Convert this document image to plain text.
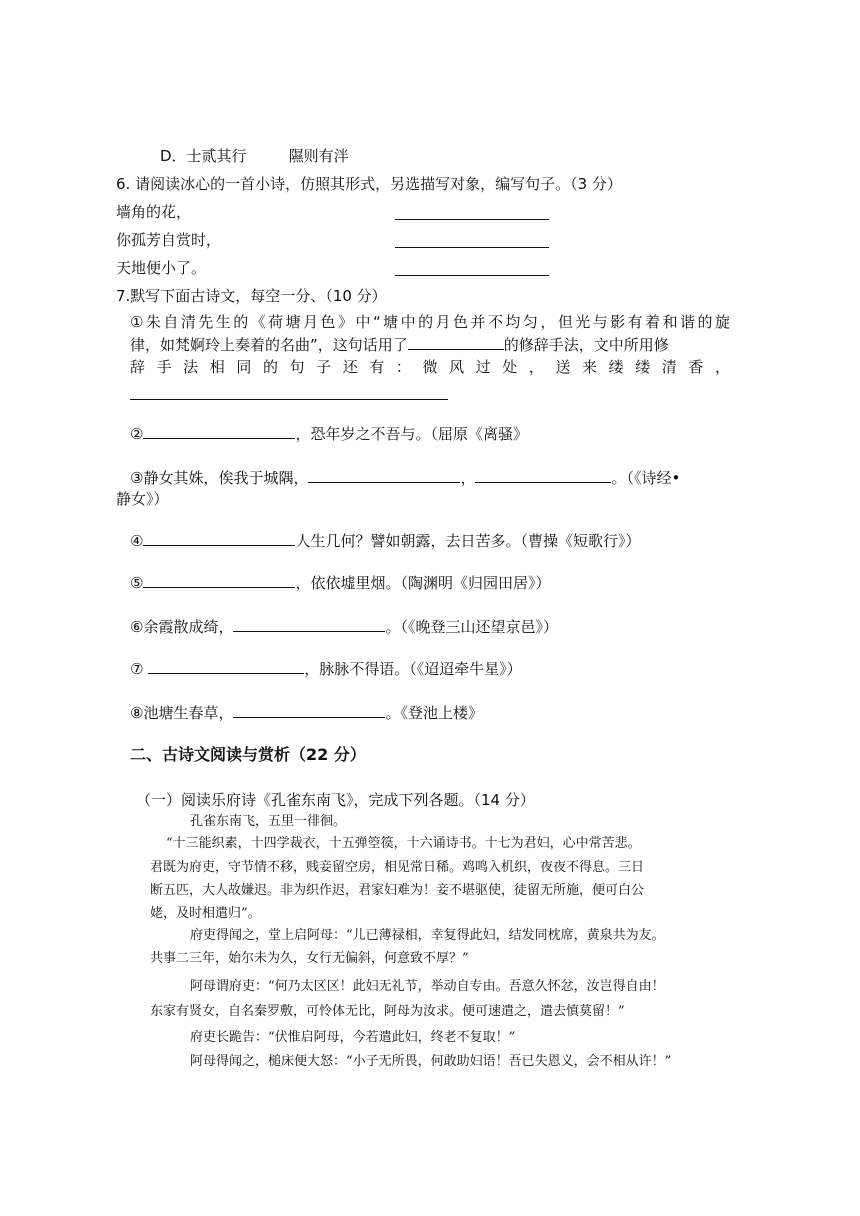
D．士贰其行	隰则有泮
6. 请阅读冰心的一首小诗，仿照其形式，另选描写对象，编写句子。（3 分）
墙角的花，
你孤芳自赏时，
天地便小了。
7.默写下面古诗文，每空一分、（10 分）
①朱自清先生的《荷塘月色》中“塘中的月色并不均匀，但光与影有着和谐的旋
律，如梵婀玲上奏着的名曲”，这句话用了	的修辞手法，文中所用修
辞手法相同的句子还有：微风过处，送来缕缕清香，
②	，恐年岁之不吾与。（屈原《离骚》
③静女其姝，俟我于城隅，	，	。（《诗经•
静女》）
④	人生几何？譬如朝露，去日苦多。（曹操《短歌行》）
⑤	，依依墟里烟。（陶渊明《归园田居》）
⑥余霞散成绮，	。（《晚登三山还望京邑》）
⑦	，脉脉不得语。（《迢迢牵牛星》）
⑧池塘生春草，	。《登池上楼》
二、古诗文阅读与赏析（22 分）
（一）阅读乐府诗《孔雀东南飞》，完成下列各题。（14 分）
孔雀东南飞，五里一徘徊。
“十三能织素，十四学裁衣，十五弹箜篌，十六诵诗书。十七为君妇，心中常苦悲。
君既为府吏，守节情不移，贱妾留空房，相见常日稀。鸡鸣入机织，夜夜不得息。三日
断五匹，大人故嫌迟。非为织作迟，君家妇难为！妾不堪驱使，徒留无所施，便可白公
姥，及时相遣归”。
府吏得闻之，堂上启阿母：“儿已薄禄相，幸复得此妇，结发同枕席，黄泉共为友。
共事二三年，始尔未为久，女行无偏斜，何意致不厚？”
阿母谓府吏：“何乃太区区！此妇无礼节，举动自专由。吾意久怀忿，汝岂得自由！
东家有贤女，自名秦罗敷，可怜体无比，阿母为汝求。便可速遣之，遣去慎莫留！”
府吏长跪告：“伏惟启阿母，今若遣此妇，终老不复取！”
阿母得闻之，槌床便大怒：“小子无所畏，何敢助妇语！吾已失恩义，会不相从许！”
